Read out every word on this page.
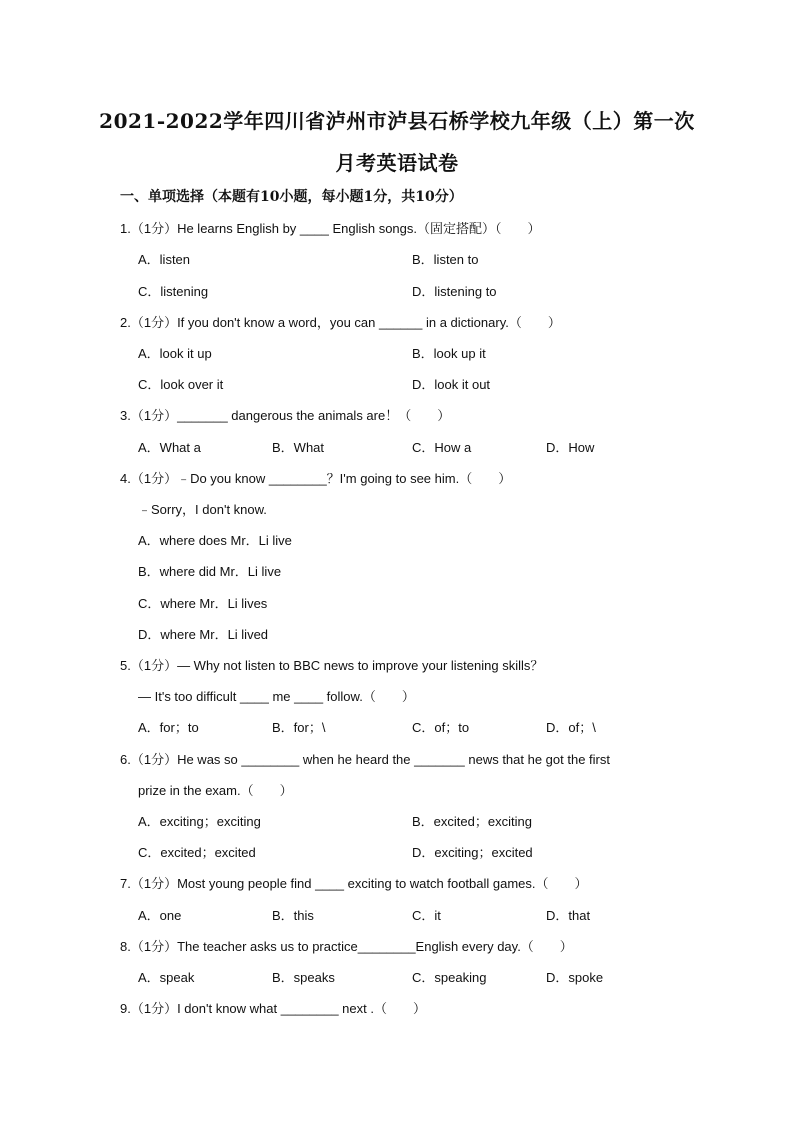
2021-2022学年四川省泸州市泸县石桥学校九年级（上）第一次
月考英语试卷
一、单项选择（本题有10小题，每小题1分，共10分）
1.（1分）He learns English by ____ English songs.（固定搭配）（　　）
A．listen	B．listen to
C．listening	D．listening to
2.（1分）If you don't know a word，you can ______ in a dictionary.（　　）
A．look it up	B．look up it
C．look over it	D．look it out
3.（1分）_______ dangerous the animals are！（　　）
A．What a	B．What	C．How a	D．How
4.（1分）﹣Do you know ________？I'm going to see him.（　　）
﹣Sorry，I don't know.
A．where does Mr．Li live
B．where did Mr．Li live
C．where Mr．Li lives
D．where Mr．Li lived
5.（1分）— Why not listen to BBC news to improve your listening skills？
— It's too difficult ____ me ____ follow.（　　）
A．for；to	B．for；\	C．of；to	D．of；\
6.（1分）He was so ________ when he heard the _______ news that he got the first
prize in the exam.（　　）
A．exciting；exciting	B．excited；exciting
C．excited；excited	D．exciting；excited
7.（1分）Most young people find ____ exciting to watch football games.（　　）
A．one	B．this	C．it	D．that
8.（1分）The teacher asks us to practice________English every day.（　　）
A．speak	B．speaks	C．speaking	D．spoke
9.（1分）I don't know what ________ next .（　　）
